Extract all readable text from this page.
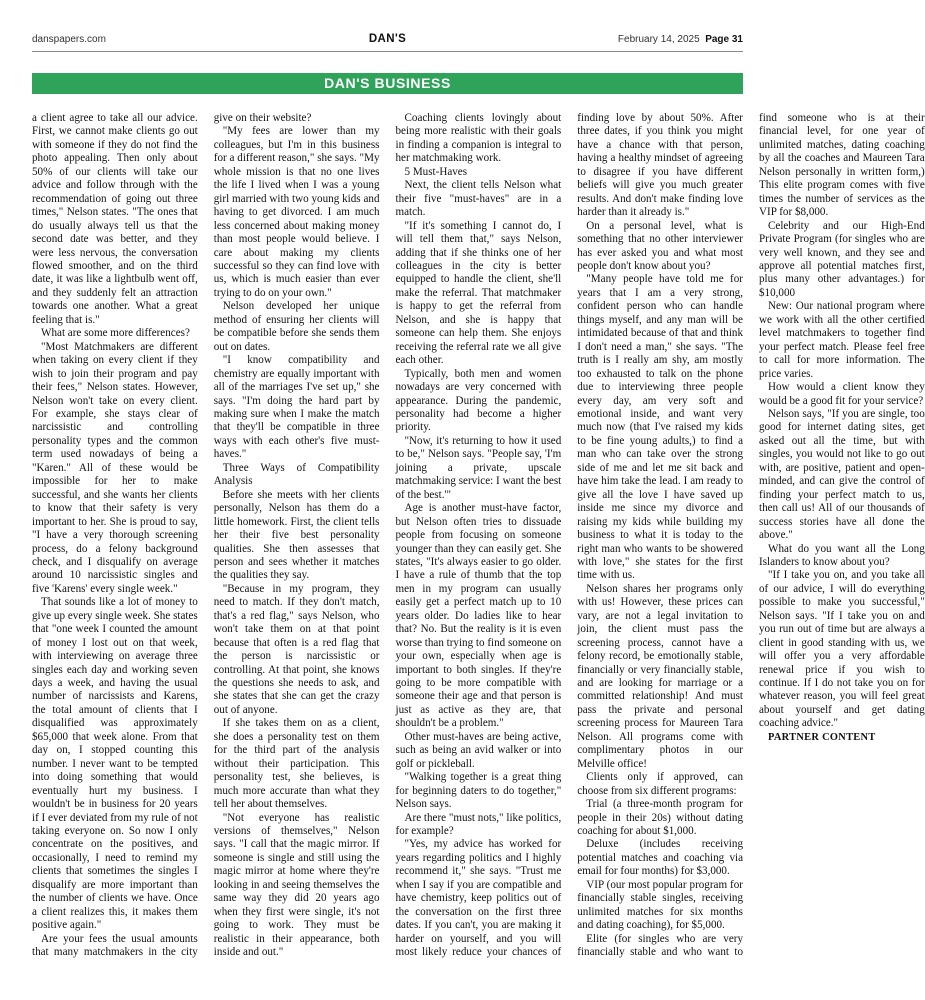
danspapers.com	DAN'S	February 14, 2025 Page 31
DAN'S BUSINESS

a client agree to take all our advice. First, we cannot make clients go out with someone if they do not find the photo appealing. Then only about 50% of our clients will take our advice and follow through with the recommendation of going out three times," Nelson states. "The ones that do usually always tell us that the second date was better, and they were less nervous, the conversation flowed smoother, and on the third date, it was like a lightbulb went off, and they suddenly felt an attraction towards one another. What a great feeling that is."

What are some more differences?

"Most Matchmakers are different when taking on every client if they wish to join their program and pay their fees," Nelson states. However, Nelson won't take on every client. For example, she stays clear of narcissistic and controlling personality types and the common term used nowadays of being a "Karen." All of these would be impossible for her to make successful, and she wants her clients to know that their safety is very important to her. She is proud to say, "I have a very thorough screening process, do a felony background check, and I disqualify on average around 10 narcissistic singles and five 'Karens' every single week."

That sounds like a lot of money to give up every single week. She states that "one week I counted the amount of money I lost out on that week, with interviewing on average three singles each day and working seven days a week, and having the usual number of narcissists and Karens, the total amount of clients that I disqualified was approximately $65,000 that week alone. From that day on, I stopped counting this number. I never want to be tempted into doing something that would eventually hurt my business. I wouldn't be in business for 20 years if I ever deviated from my rule of not taking everyone on. So now I only concentrate on the positives, and occasionally, I need to remind my clients that sometimes the singles I disqualify are more important than the number of clients we have. Once a client realizes this, it makes them positive again."

Are your fees the usual amounts that many matchmakers in the city give on their website?

"My fees are lower than my colleagues, but I'm in this business for a different reason," she says. "My whole mission is that no one lives the life I lived when I was a young girl married with two young kids and having to get divorced. I am much less concerned about making money than most people would believe. I care about making my clients successful so they can find love with us, which is much easier than ever trying to do on your own."

Nelson developed her unique method of ensuring her clients will be compatible before she sends them out on dates.

"I know compatibility and chemistry are equally important with all of the marriages I've set up," she says. "I'm doing the hard part by making sure when I make the match that they'll be compatible in three ways with each other's five must-haves."

Three Ways of Compatibility Analysis

Before she meets with her clients personally, Nelson has them do a little homework. First, the client tells her their five best personality qualities. She then assesses that person and sees whether it matches the qualities they say.

"Because in my program, they need to match. If they don't match, that's a red flag," says Nelson, who won't take them on at that point because that often is a red flag that the person is narcissistic or controlling. At that point, she knows the questions she needs to ask, and she states that she can get the crazy out of anyone.

If she takes them on as a client, she does a personality test on them for the third part of the analysis without their participation. This personality test, she believes, is much more accurate than what they tell her about themselves.

"Not everyone has realistic versions of themselves," Nelson says. "I call that the magic mirror. If someone is single and still using the magic mirror at home where they're looking in and seeing themselves the same way they did 20 years ago when they first were single, it's not going to work. They must be realistic in their appearance, both inside and out."

Coaching clients lovingly about being more realistic with their goals in finding a companion is integral to her matchmaking work.

5 Must-Haves

Next, the client tells Nelson what their five "must-haves" are in a match.

"If it's something I cannot do, I will tell them that," says Nelson, adding that if she thinks one of her colleagues in the city is better equipped to handle the client, she'll make the referral. That matchmaker is happy to get the referral from Nelson, and she is happy that someone can help them. She enjoys receiving the referral rate we all give each other.

Typically, both men and women nowadays are very concerned with appearance. During the pandemic, personality had become a higher priority.

"Now, it's returning to how it used to be," Nelson says. "People say, 'I'm joining a private, upscale matchmaking service: I want the best of the best.'"

Age is another must-have factor, but Nelson often tries to dissuade people from focusing on someone younger than they can easily get. She states, "It's always easier to go older. I have a rule of thumb that the top men in my program can usually easily get a perfect match up to 10 years older. Do ladies like to hear that? No. But the reality is it is even worse than trying to find someone on your own, especially when age is important to both singles. If they're going to be more compatible with someone their age and that person is just as active as they are, that shouldn't be a problem."

Other must-haves are being active, such as being an avid walker or into golf or pickleball.

"Walking together is a great thing for beginning daters to do together," Nelson says.

Are there "must nots," like politics, for example?

"Yes, my advice has worked for years regarding politics and I highly recommend it," she says. "Trust me when I say if you are compatible and have chemistry, keep politics out of the conversation on the first three dates. If you can't, you are making it harder on yourself, and you will most likely reduce your chances of finding love by about 50%. After three dates, if you think you might have a chance with that person, having a healthy mindset of agreeing to disagree if you have different beliefs will give you much greater results. And don't make finding love harder than it already is."

On a personal level, what is something that no other interviewer has ever asked you and what most people don't know about you?

"Many people have told me for years that I am a very strong, confident person who can handle things myself, and any man will be intimidated because of that and think I don't need a man," she says. "The truth is I really am shy, am mostly too exhausted to talk on the phone due to interviewing three people every day, am very soft and emotional inside, and want very much now (that I've raised my kids to be fine young adults,) to find a man who can take over the strong side of me and let me sit back and have him take the lead. I am ready to give all the love I have saved up inside me since my divorce and raising my kids while building my business to what it is today to the right man who wants to be showered with love," she states for the first time with us.

Nelson shares her programs only with us! However, these prices can vary, are not a legal invitation to join, the client must pass the screening process, cannot have a felony record, be emotionally stable, financially or very financially stable, and are looking for marriage or a committed relationship! And must pass the private and personal screening process for Maureen Tara Nelson. All programs come with complimentary photos in our Melville office!

Clients only if approved, can choose from six different programs:

Trial (a three-month program for people in their 20s) without dating coaching for about $1,000.

Deluxe (includes receiving potential matches and coaching via email for four months) for $3,000.

VIP (our most popular program for financially stable singles, receiving unlimited matches for six months and dating coaching), for $5,000.

Elite (for singles who are very financially stable and who want to find someone who is at their financial level, for one year of unlimited matches, dating coaching by all the coaches and Maureen Tara Nelson personally in written form,) This elite program comes with five times the number of services as the VIP for $8,000.

Celebrity and our High-End Private Program (for singles who are very well known, and they see and approve all potential matches first, plus many other advantages.) for $10,000

New: Our national program where we work with all the other certified level matchmakers to together find your perfect match. Please feel free to call for more information. The price varies.

How would a client know they would be a good fit for your service?

Nelson says, "If you are single, too good for internet dating sites, get asked out all the time, but with singles, you would not like to go out with, are positive, patient and open-minded, and can give the control of finding your perfect match to us, then call us! All of our thousands of success stories have all done the above."

What do you want all the Long Islanders to know about you?

"If I take you on, and you take all of our advice, I will do everything possible to make you successful," Nelson says. "If I take you on and you run out of time but are always a client in good standing with us, we will offer you a very affordable renewal price if you wish to continue. If I do not take you on for whatever reason, you will feel great about yourself and get dating coaching advice."

PARTNER CONTENT
